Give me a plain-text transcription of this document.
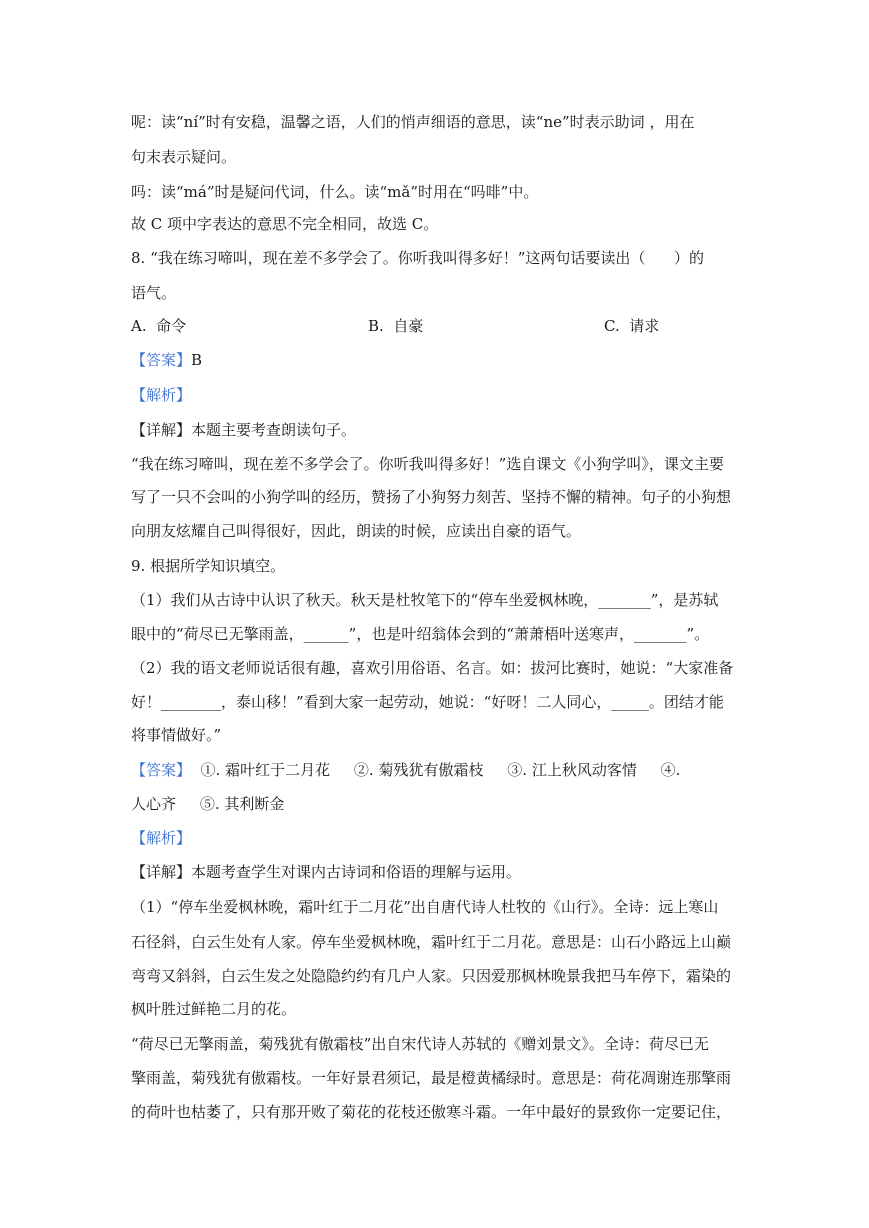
呢：读“ní”时有安稳，温馨之语，人们的悄声细语的意思，读“ne”时表示助词 ，用在
句末表示疑问。
吗：读“má”时是疑问代词，什么。读“mǎ”时用在“吗啡”中。
故 C 项中字表达的意思不完全相同，故选 C。
8. “我在练习啼叫，现在差不多学会了。你听我叫得多好！”这两句话要读出（      ）的
语气。
A.  命令	B.  自豪	C.  请求
【答案】B
【解析】
【详解】本题主要考查朗读句子。
“我在练习啼叫，现在差不多学会了。你听我叫得多好！”选自课文《小狗学叫》，课文主要
写了一只不会叫的小狗学叫的经历，赞扬了小狗努力刻苦、坚持不懈的精神。句子的小狗想
向朋友炫耀自己叫得很好，因此，朗读的时候，应读出自豪的语气。
9. 根据所学知识填空。
（1）我们从古诗中认识了秋天。秋天是杜牧笔下的“停车坐爱枫林晚，_______”，是苏轼
眼中的“荷尽已无擎雨盖，______”，也是叶绍翁体会到的“萧萧梧叶送寒声，_______”。
（2）我的语文老师说话很有趣，喜欢引用俗语、名言。如：拔河比赛时，她说：“大家准备
好！________，泰山移！”看到大家一起劳动，她说：“好呀！二人同心，_____。团结才能
将事情做好。”
【答案】  ①. 霜叶红于二月花     ②. 菊残犹有傲霜枝     ③. 江上秋风动客情     ④.
人心齐     ⑤. 其利断金
【解析】
【详解】本题考查学生对课内古诗词和俗语的理解与运用。
（1）“停车坐爱枫林晚，霜叶红于二月花”出自唐代诗人杜牧的《山行》。全诗：远上寒山
石径斜，白云生处有人家。停车坐爱枫林晚，霜叶红于二月花。意思是：山石小路远上山巅
弯弯又斜斜，白云生发之处隐隐约约有几户人家。只因爱那枫林晚景我把马车停下，霜染的
枫叶胜过鲜艳二月的花。
“荷尽已无擎雨盖，菊残犹有傲霜枝”出自宋代诗人苏轼的《赠刘景文》。全诗：荷尽已无
擎雨盖，菊残犹有傲霜枝。一年好景君须记，最是橙黄橘绿时。意思是：荷花凋谢连那擎雨
的荷叶也枯萎了，只有那开败了菊花的花枝还傲寒斗霜。一年中最好的景致你一定要记住，
